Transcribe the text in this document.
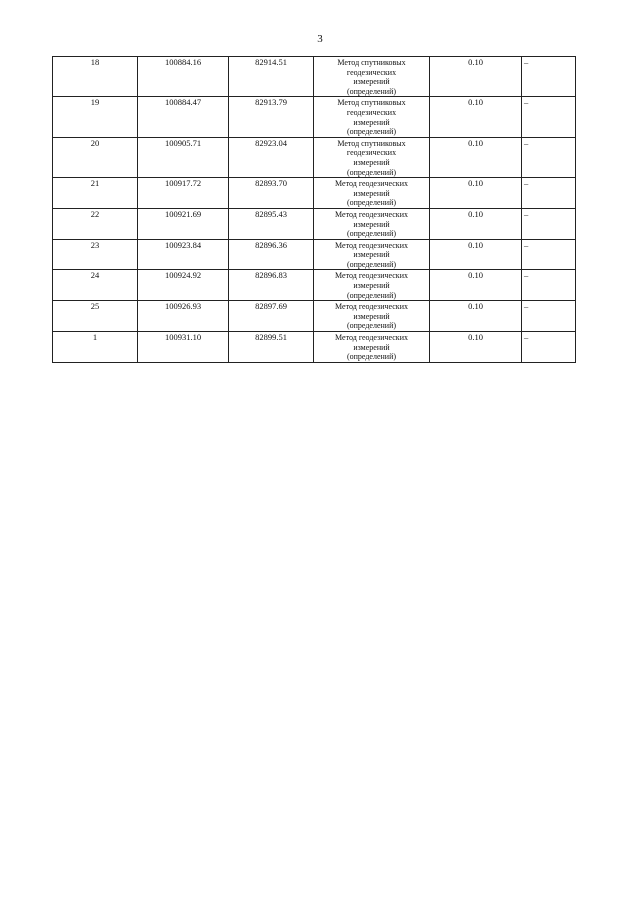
3
18	100884.16	82914.51	Метод спутниковых
геодезических
измерений
(определений)	0.10	–
19	100884.47	82913.79	Метод спутниковых
геодезических
измерений
(определений)	0.10	–
20	100905.71	82923.04	Метод спутниковых
геодезических
измерений
(определений)	0.10	–
21	100917.72	82893.70	Метод геодезических
измерений
(определений)	0.10	–
22	100921.69	82895.43	Метод геодезических
измерений
(определений)	0.10	–
23	100923.84	82896.36	Метод геодезических
измерений
(определений)	0.10	–
24	100924.92	82896.83	Метод геодезических
измерений
(определений)	0.10	–
25	100926.93	82897.69	Метод геодезических
измерений
(определений)	0.10	–
1	100931.10	82899.51	Метод геодезических
измерений
(определений)	0.10	–
